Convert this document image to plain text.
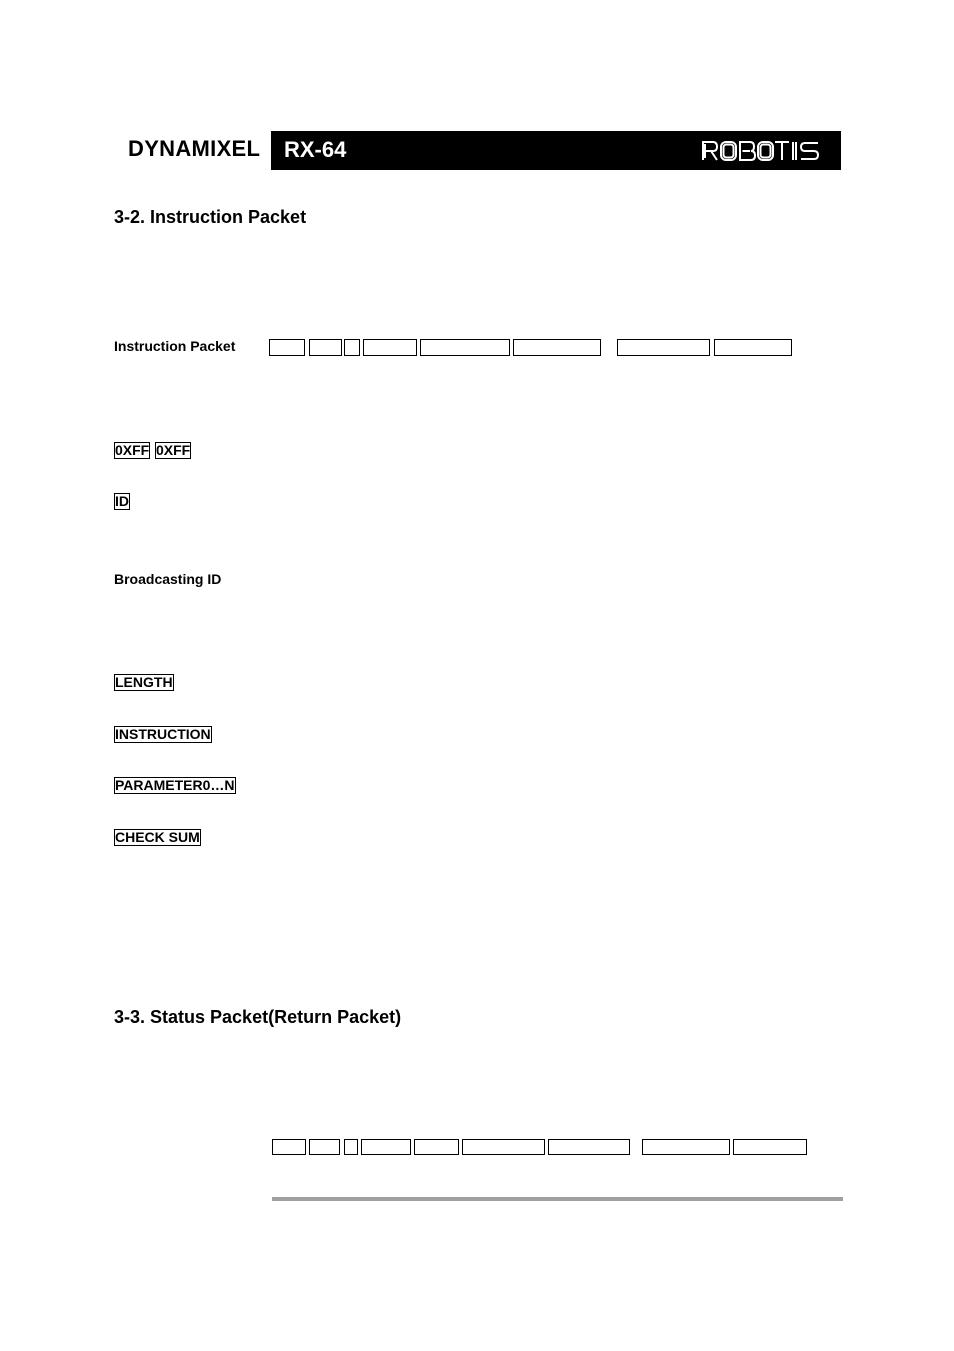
DYNAMIXEL RX-64
3-2. Instruction Packet
Instruction Packet
0XFF 0XFF
ID
Broadcasting ID
LENGTH
INSTRUCTION
PARAMETER0…N
CHECK SUM
3-3. Status Packet(Return Packet)
